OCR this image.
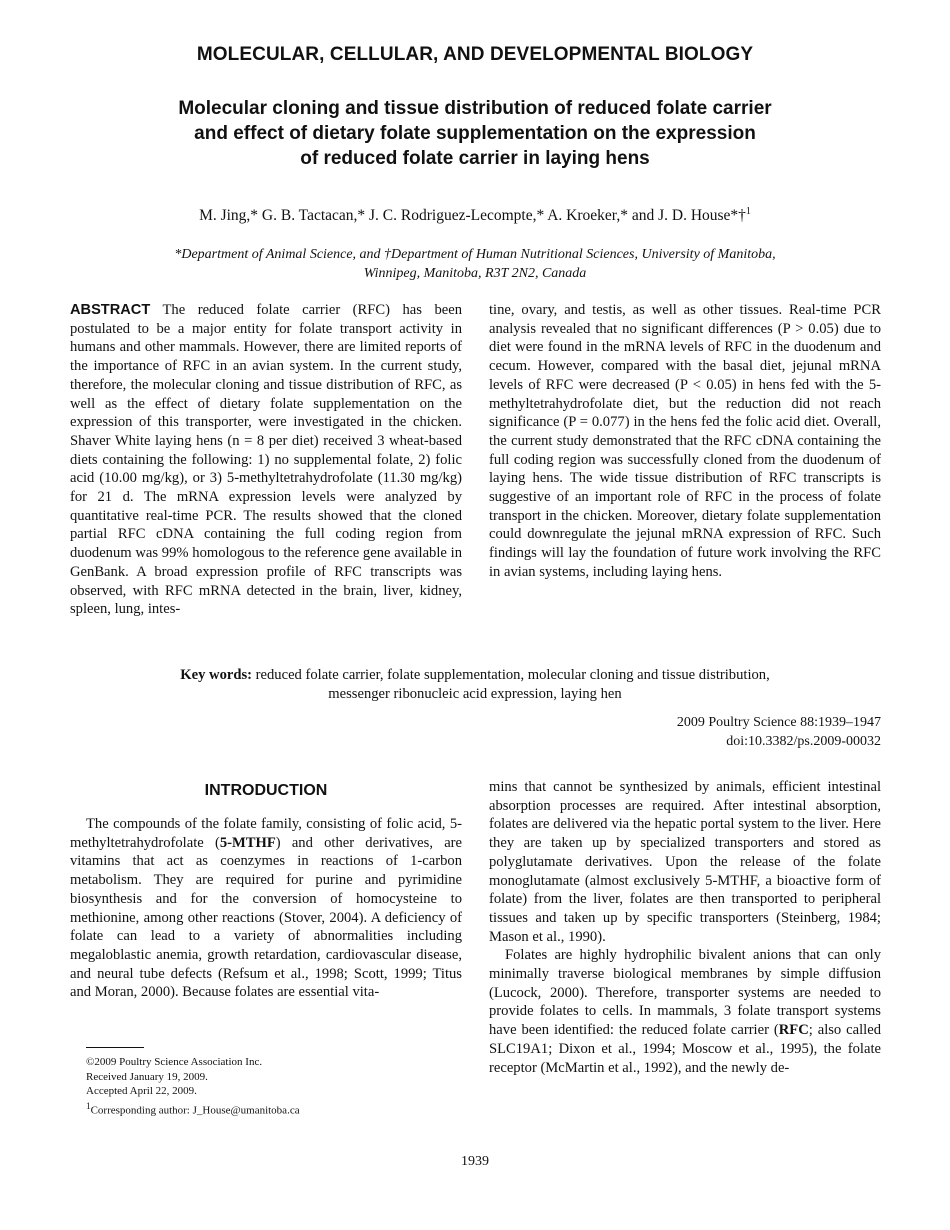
MOLECULAR, CELLULAR, AND DEVELOPMENTAL BIOLOGY
Molecular cloning and tissue distribution of reduced folate carrier
and effect of dietary folate supplementation on the expression
of reduced folate carrier in laying hens
M. Jing,* G. B. Tactacan,* J. C. Rodriguez-Lecompte,* A. Kroeker,* and J. D. House*†$^1$
*Department of Animal Science, and †Department of Human Nutritional Sciences, University of Manitoba,
Winnipeg, Manitoba, R3T 2N2, Canada
ABSTRACT The reduced folate carrier (RFC) has been postulated to be a major entity for folate transport activity in humans and other mammals. However, there are limited reports of the importance of RFC in an avian system. In the current study, therefore, the molecular cloning and tissue distribution of RFC, as well as the effect of dietary folate supplementation on the expression of this transporter, were investigated in the chicken. Shaver White laying hens (n = 8 per diet) received 3 wheat-based diets containing the following: 1) no supplemental folate, 2) folic acid (10.00 mg/kg), or 3) 5-methyltetrahydrofolate (11.30 mg/kg) for 21 d. The mRNA expression levels were analyzed by quantitative real-time PCR. The results showed that the cloned partial RFC cDNA containing the full coding region from duodenum was 99% homologous to the reference gene available in GenBank. A broad expression profile of RFC transcripts was observed, with RFC mRNA detected in the brain, liver, kidney, spleen, lung, intes-
tine, ovary, and testis, as well as other tissues. Real-time PCR analysis revealed that no significant differences (P > 0.05) due to diet were found in the mRNA levels of RFC in the duodenum and cecum. However, compared with the basal diet, jejunal mRNA levels of RFC were decreased (P < 0.05) in hens fed with the 5-methyltetrahydrofolate diet, but the reduction did not reach significance (P = 0.077) in the hens fed the folic acid diet. Overall, the current study demonstrated that the RFC cDNA containing the full coding region was successfully cloned from the duodenum of laying hens. The wide tissue distribution of RFC transcripts is suggestive of an important role of RFC in the process of folate transport in the chicken. Moreover, dietary folate supplementation could downregulate the jejunal mRNA expression of RFC. Such findings will lay the foundation of future work involving the RFC in avian systems, including laying hens.
Key words: reduced folate carrier, folate supplementation, molecular cloning and tissue distribution,
messenger ribonucleic acid expression, laying hen
2009 Poultry Science 88:1939–1947
doi:10.3382/ps.2009-00032
INTRODUCTION

The compounds of the folate family, consisting of folic acid, 5-methyltetrahydrofolate (5-MTHF) and other derivatives, are vitamins that act as coenzymes in reactions of 1-carbon metabolism. They are required for purine and pyrimidine biosynthesis and for the conversion of homocysteine to methionine, among other reactions (Stover, 2004). A deficiency of folate can lead to a variety of abnormalities including megaloblastic anemia, growth retardation, cardiovascular disease, and neural tube defects (Refsum et al., 1998; Scott, 1999; Titus and Moran, 2000). Because folates are essential vita-

mins that cannot be synthesized by animals, efficient intestinal absorption processes are required. After intestinal absorption, folates are delivered via the hepatic portal system to the liver. Here they are taken up by specialized transporters and stored as polyglutamate derivatives. Upon the release of the folate monoglutamate (almost exclusively 5-MTHF, a bioactive form of folate) from the liver, folates are then transported to peripheral tissues and taken up by specific transporters (Steinberg, 1984; Mason et al., 1990).

Folates are highly hydrophilic bivalent anions that can only minimally traverse biological membranes by simple diffusion (Lucock, 2000). Therefore, transporter systems are needed to provide folates to cells. In mammals, 3 folate transport systems have been identified: the reduced folate carrier (RFC; also called SLC19A1; Dixon et al., 1994; Moscow et al., 1995), the folate receptor (McMartin et al., 1992), and the newly de-

©2009 Poultry Science Association Inc.
Received January 19, 2009.
Accepted April 22, 2009.
$^1$Corresponding author: J_House@umanitoba.ca
1939
